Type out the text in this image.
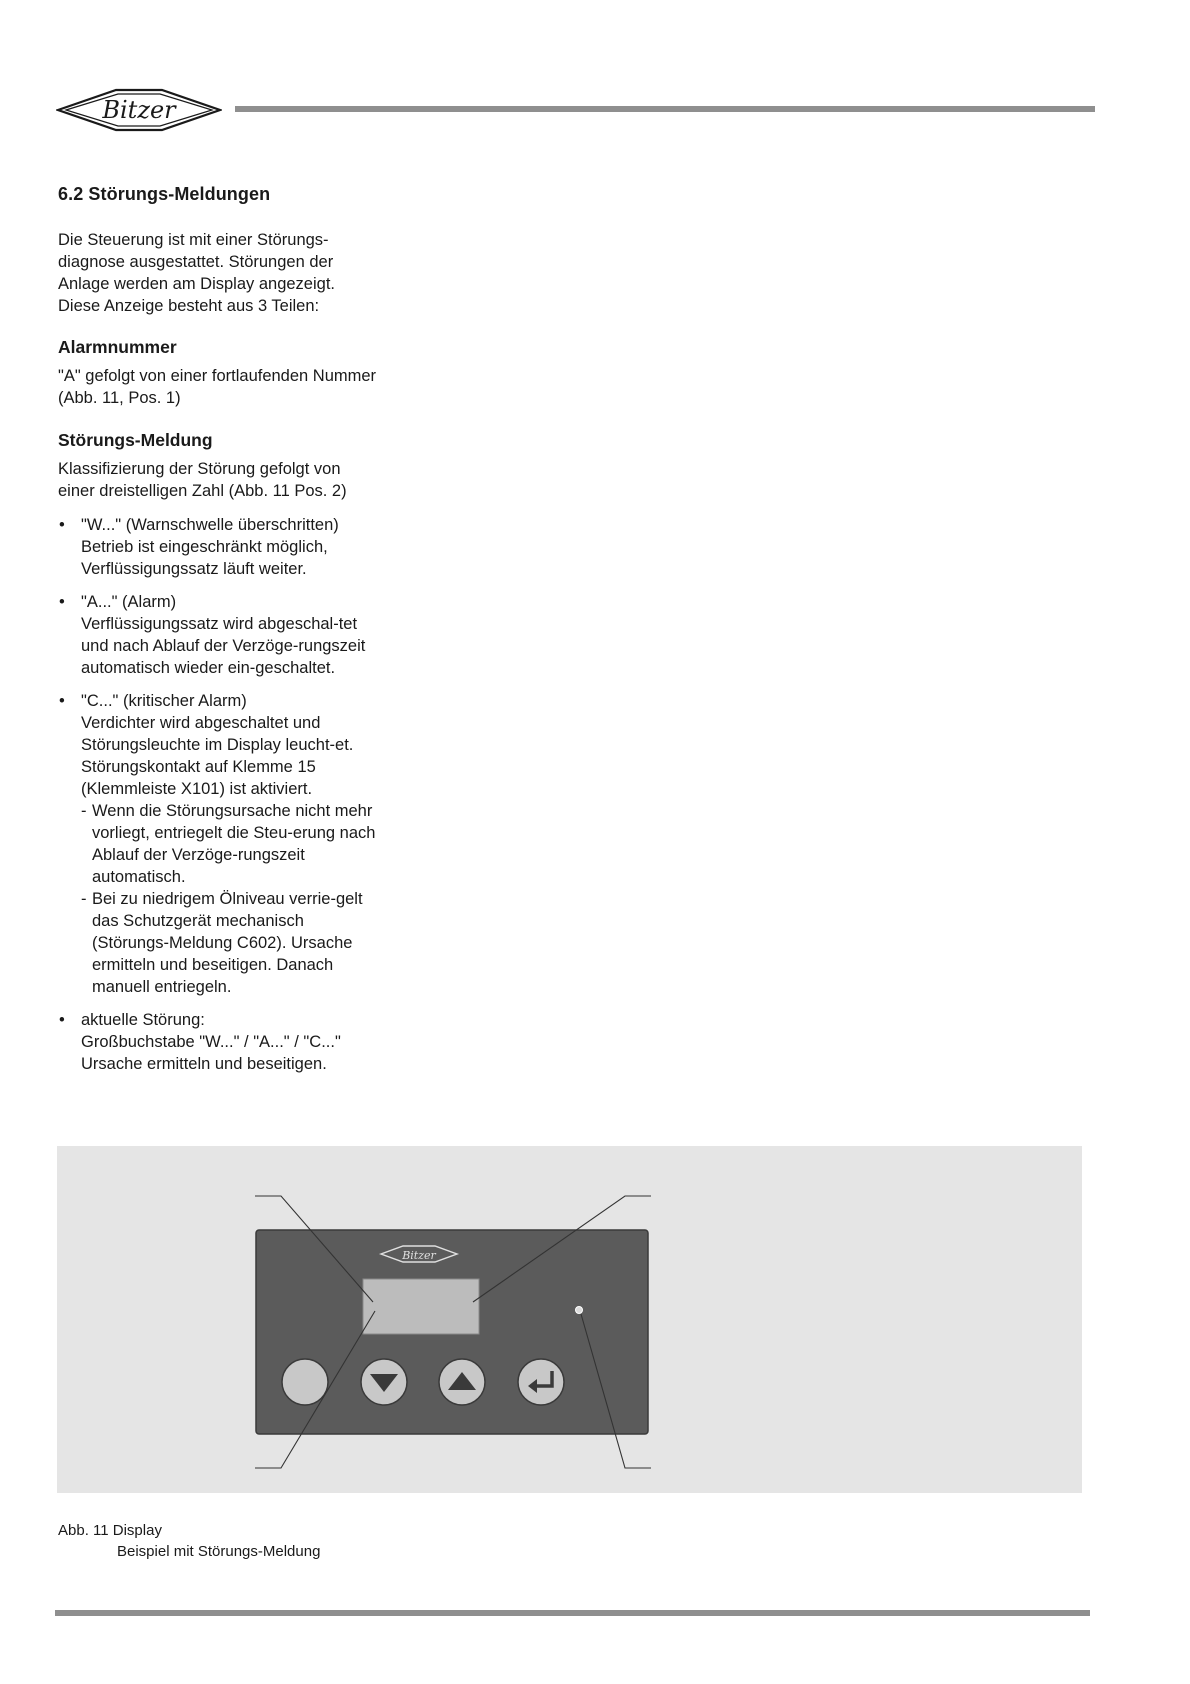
Bitzer
6.2 Störungs-Meldungen

Die Steuerung ist mit einer Störungs-diagnose ausgestattet. Störungen der Anlage werden am Display angezeigt. Diese Anzeige besteht aus 3 Teilen:

Alarmnummer

"A" gefolgt von einer fortlaufenden Nummer (Abb. 11, Pos. 1)

Störungs-Meldung

Klassifizierung der Störung gefolgt von einer dreistelligen Zahl (Abb. 11 Pos. 2)

• "W..." (Warnschwelle überschritten)
Betrieb ist eingeschränkt möglich, Verflüssigungssatz läuft weiter.
• "A..." (Alarm)
Verflüssigungssatz wird abgeschal-tet und nach Ablauf der Verzöge-rungszeit automatisch wieder ein-geschaltet.
• "C..." (kritischer Alarm)
Verdichter wird abgeschaltet und Störungsleuchte im Display leucht-et. Störungskontakt auf Klemme 15 (Klemmleiste X101) ist aktiviert.
- Wenn die Störungsursache nicht mehr vorliegt, entriegelt die Steu-erung nach Ablauf der Verzöge-rungszeit automatisch.
- Bei zu niedrigem Ölniveau verrie-gelt das Schutzgerät mechanisch (Störungs-Meldung C602). Ursache ermitteln und beseitigen. Danach manuell entriegeln.
• aktuelle Störung:
Großbuchstabe "W..." / "A..." / "C..." Ursache ermitteln und beseitigen.
Bitzer
Abb. 11 Display
Beispiel mit Störungs-Meldung
